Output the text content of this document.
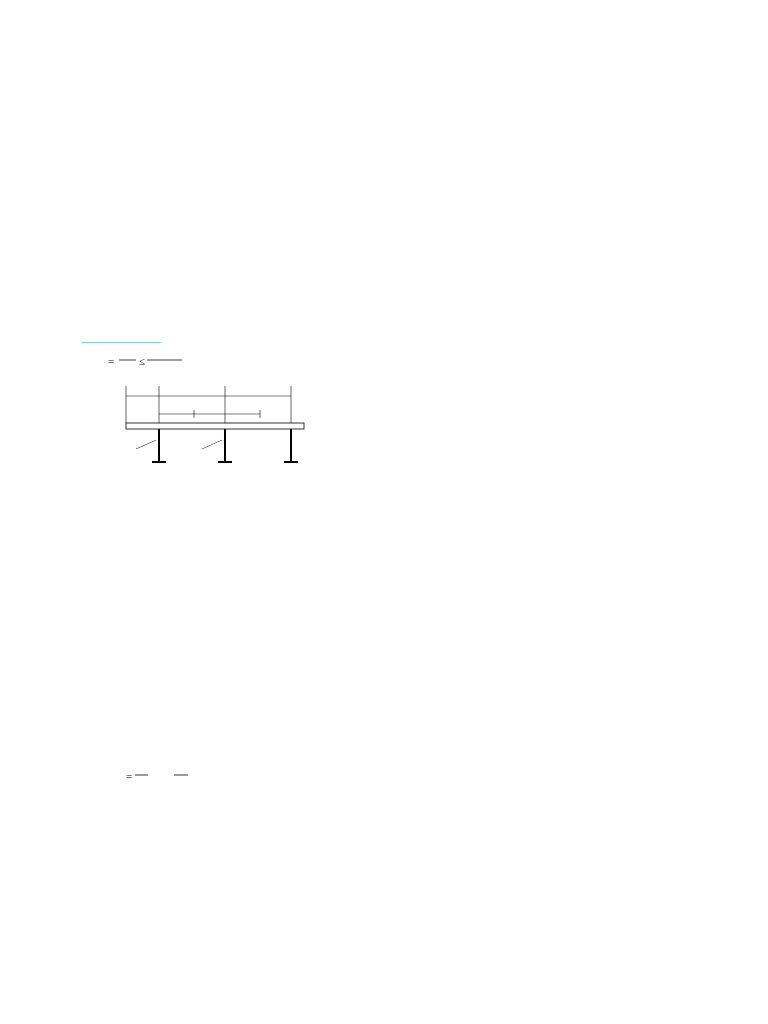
= ≤
=
